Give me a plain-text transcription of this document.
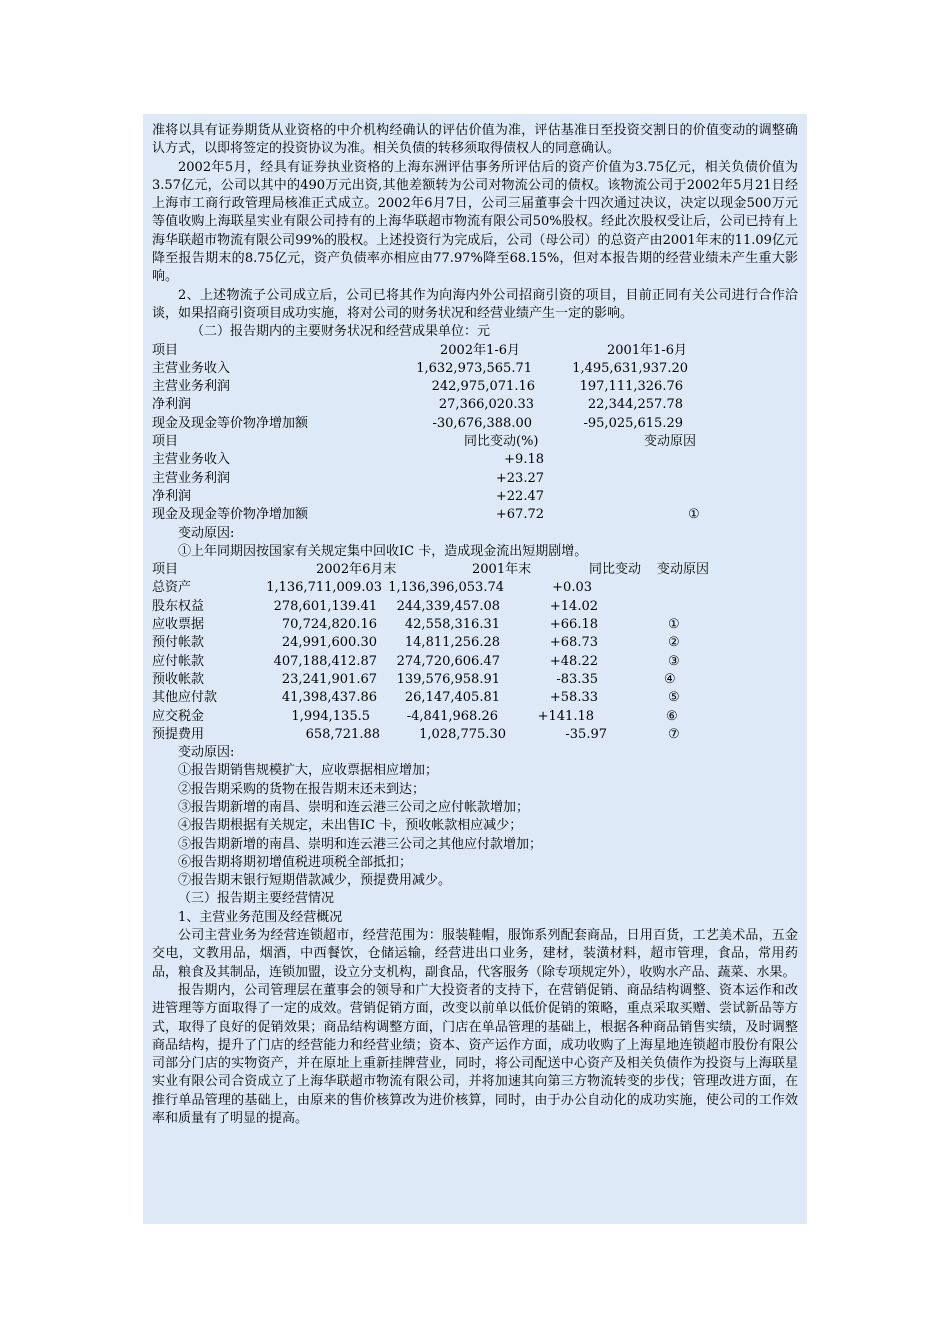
准将以具有证券期货从业资格的中介机构经确认的评估价值为准，评估基准日至投资交割日的价值变动的调整确认方式，以即将签定的投资协议为准。相关负债的转移须取得债权人的同意确认。

2002年5月，经具有证券执业资格的上海东洲评估事务所评估后的资产价值为3.75亿元，相关负债价值为3.57亿元，公司以其中的490万元出资,其他差额转为公司对物流公司的债权。该物流公司于2002年5月21日经上海市工商行政管理局核准正式成立。2002年6月7日，公司三届董事会十四次通过决议，决定以现金500万元等值收购上海联星实业有限公司持有的上海华联超市物流有限公司50%股权。经此次股权受让后，公司已持有上海华联超市物流有限公司99%的股权。上述投资行为完成后，公司（母公司）的总资产由2001年末的11.09亿元降至报告期末的8.75亿元，资产负债率亦相应由77.97%降至68.15%，但对本报告期的经营业绩未产生重大影响。

2、上述物流子公司成立后，公司已将其作为向海内外公司招商引资的项目，目前正同有关公司进行合作洽谈，如果招商引资项目成功实施，将对公司的财务状况和经营业绩产生一定的影响。

（二）报告期内的主要财务状况和经营成果单位：元

项目	2002年1-6月	2001年1-6月
主营业务收入	1,632,973,565.71	1,495,631,937.20
主营业务利润	242,975,071.16	197,111,326.76
净利润	27,366,020.33	22,344,257.78
现金及现金等价物净增加额	-30,676,388.00	-95,025,615.29
项目	同比变动(%)	变动原因
主营业务收入	+9.18
主营业务利润	+23.27
净利润	+22.47
现金及现金等价物净增加额	+67.72	①

变动原因:

①上年同期因按国家有关规定集中回收IC 卡，造成现金流出短期剧增。

项目	2002年6月末	2001年末	同比变动 变动原因
总资产	1,136,711,009.03 1,136,396,053.74	+0.03
股东权益	278,601,139.41	244,339,457.08	+14.02
应收票据	70,724,820.16	42,558,316.31	+66.18	①
预付帐款	24,991,600.30	14,811,256.28	+68.73	②
应付帐款	407,188,412.87	274,720,606.47	+48.22	③
预收帐款	23,241,901.67	139,576,958.91	-83.35	④
其他应付款	41,398,437.86	26,147,405.81	+58.33	⑤
应交税金	1,994,135.5	-4,841,968.26	+141.18	⑥
预提费用	658,721.88	1,028,775.30	-35.97	⑦

变动原因:

①报告期销售规模扩大，应收票据相应增加；

②报告期采购的货物在报告期末还未到达；

③报告期新增的南昌、崇明和连云港三公司之应付帐款增加；

④报告期根据有关规定，未出售IC 卡，预收帐款相应减少；

⑤报告期新增的南昌、崇明和连云港三公司之其他应付款增加；

⑥报告期将期初增值税进项税全部抵扣；

⑦报告期末银行短期借款减少，预提费用减少。

（三）报告期主要经营情况

1、主营业务范围及经营概况

公司主营业务为经营连锁超市，经营范围为：服装鞋帽，服饰系列配套商品，日用百货，工艺美术品，五金交电，文教用品，烟酒，中西餐饮，仓储运输，经营进出口业务，建材，装潢材料，超市管理，食品，常用药品，粮食及其制品，连锁加盟，设立分支机构，副食品，代客服务（除专项规定外），收购水产品、蔬菜、水果。

报告期内，公司管理层在董事会的领导和广大投资者的支持下，在营销促销、商品结构调整、资本运作和改进管理等方面取得了一定的成效。营销促销方面，改变以前单以低价促销的策略，重点采取买赠、尝试新品等方式，取得了良好的促销效果；商品结构调整方面，门店在单品管理的基础上，根据各种商品销售实绩，及时调整商品结构，提升了门店的经营能力和经营业绩；资本、资产运作方面，成功收购了上海星地连锁超市股份有限公司部分门店的实物资产，并在原址上重新挂牌营业，同时，将公司配送中心资产及相关负债作为投资与上海联星实业有限公司合资成立了上海华联超市物流有限公司，并将加速其向第三方物流转变的步伐；管理改进方面，在推行单品管理的基础上，由原来的售价核算改为进价核算，同时，由于办公自动化的成功实施，使公司的工作效率和质量有了明显的提高。
